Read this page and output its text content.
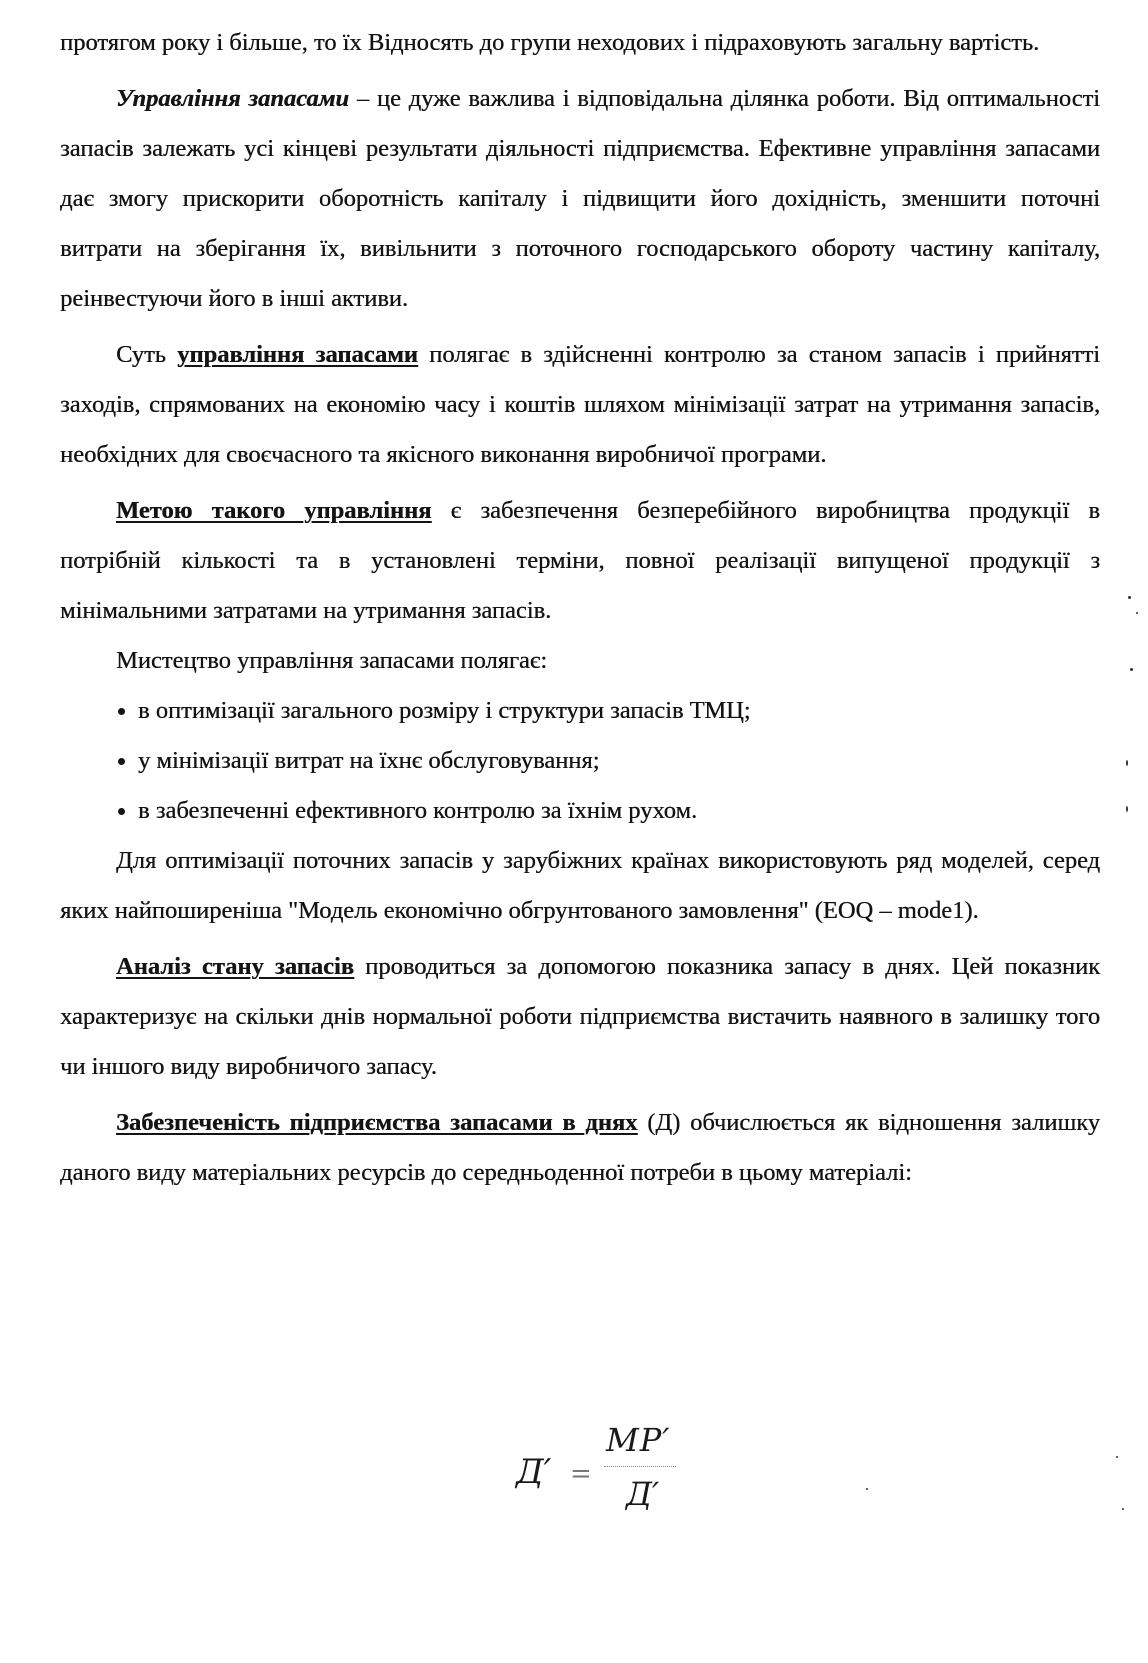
протягом року і більше, то їх Відносять до групи неходових і підраховують загальну вартість.

Управління запасами – це дуже важлива і відповідальна ділянка роботи. Від оптимальності запасів залежать усі кінцеві результати діяльності підприємства. Ефективне управління запасами дає змогу прискорити оборотність капіталу і підвищити його дохідність, зменшити поточні витрати на зберігання їх, вивільнити з поточного господарського обороту частину капіталу, реінвестуючи його в інші активи.

Суть управління запасами полягає в здійсненні контролю за станом запасів і прийнятті заходів, спрямованих на економію часу і коштів шляхом мінімізації затрат на утримання запасів, необхідних для своєчасного та якісного виконання виробничої програми.

Метою такого управління є забезпечення безперебійного виробництва продукції в потрібній кількості та в установлені терміни, повної реалізації випущеної продукції з мінімальними затратами на утримання запасів.

Мистецтво управління запасами полягає:

в оптимізації загального розміру і структури запасів ТМЦ;
у мінімізації витрат на їхнє обслуговування;
в забезпеченні ефективного контролю за їхнім рухом.

Для оптимізації поточних запасів у зарубіжних країнах використовують ряд моделей, серед яких найпоширеніша "Модель економічно обгрунтованого замовлення" (EOQ – mode1).

Аналіз стану запасів проводиться за допомогою показника запасу в днях. Цей показник характеризує на скільки днів нормальної роботи підприємства вистачить наявного в залишку того чи іншого виду виробничого запасу.

Забезпеченість підприємства запасами в днях (Д) обчислюється як відношення залишку даного виду матеріальних ресурсів до середньоденної потреби в цьому матеріалі:

Д′ =
МР′
Д′
